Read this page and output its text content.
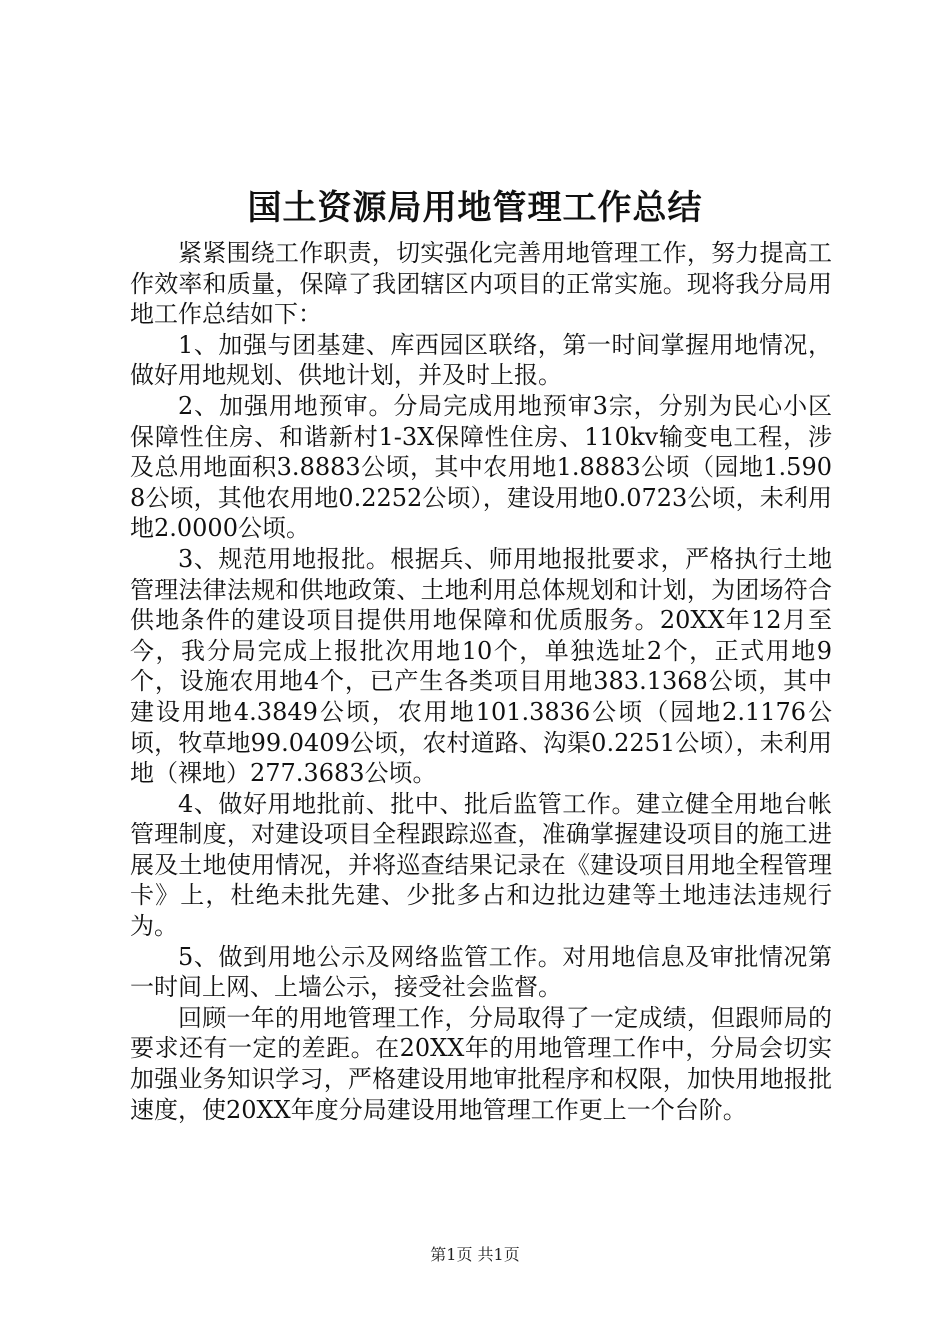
国土资源局用地管理工作总结

紧紧围绕工作职责，切实强化完善用地管理工作，努力提高工作效率和质量，保障了我团辖区内项目的正常实施。现将我分局用地工作总结如下：

1、加强与团基建、库西园区联络，第一时间掌握用地情况，做好用地规划、供地计划，并及时上报。

2、加强用地预审。分局完成用地预审3宗，分别为民心小区保障性住房、和谐新村1-3X保障性住房、110kv输变电工程，涉及总用地面积3.8883公顷，其中农用地1.8883公顷（园地1.5908公顷，其他农用地0.2252公顷），建设用地0.0723公顷，未利用地2.0000公顷。

3、规范用地报批。根据兵、师用地报批要求，严格执行土地管理法律法规和供地政策、土地利用总体规划和计划，为团场符合供地条件的建设项目提供用地保障和优质服务。20XX年12月至今，我分局完成上报批次用地10个，单独选址2个，正式用地9个，设施农用地4个，已产生各类项目用地383.1368公顷，其中建设用地4.3849公顷，农用地101.3836公顷（园地2.1176公顷，牧草地99.0409公顷，农村道路、沟渠0.2251公顷），未利用地（裸地）277.3683公顷。

4、做好用地批前、批中、批后监管工作。建立健全用地台帐管理制度，对建设项目全程跟踪巡查，准确掌握建设项目的施工进展及土地使用情况，并将巡查结果记录在《建设项目用地全程管理卡》上，杜绝未批先建、少批多占和边批边建等土地违法违规行为。

5、做到用地公示及网络监管工作。对用地信息及审批情况第一时间上网、上墙公示，接受社会监督。

回顾一年的用地管理工作，分局取得了一定成绩，但跟师局的要求还有一定的差距。在20XX年的用地管理工作中，分局会切实加强业务知识学习，严格建设用地审批程序和权限，加快用地报批速度，使20XX年度分局建设用地管理工作更上一个台阶。

第1页 共1页
